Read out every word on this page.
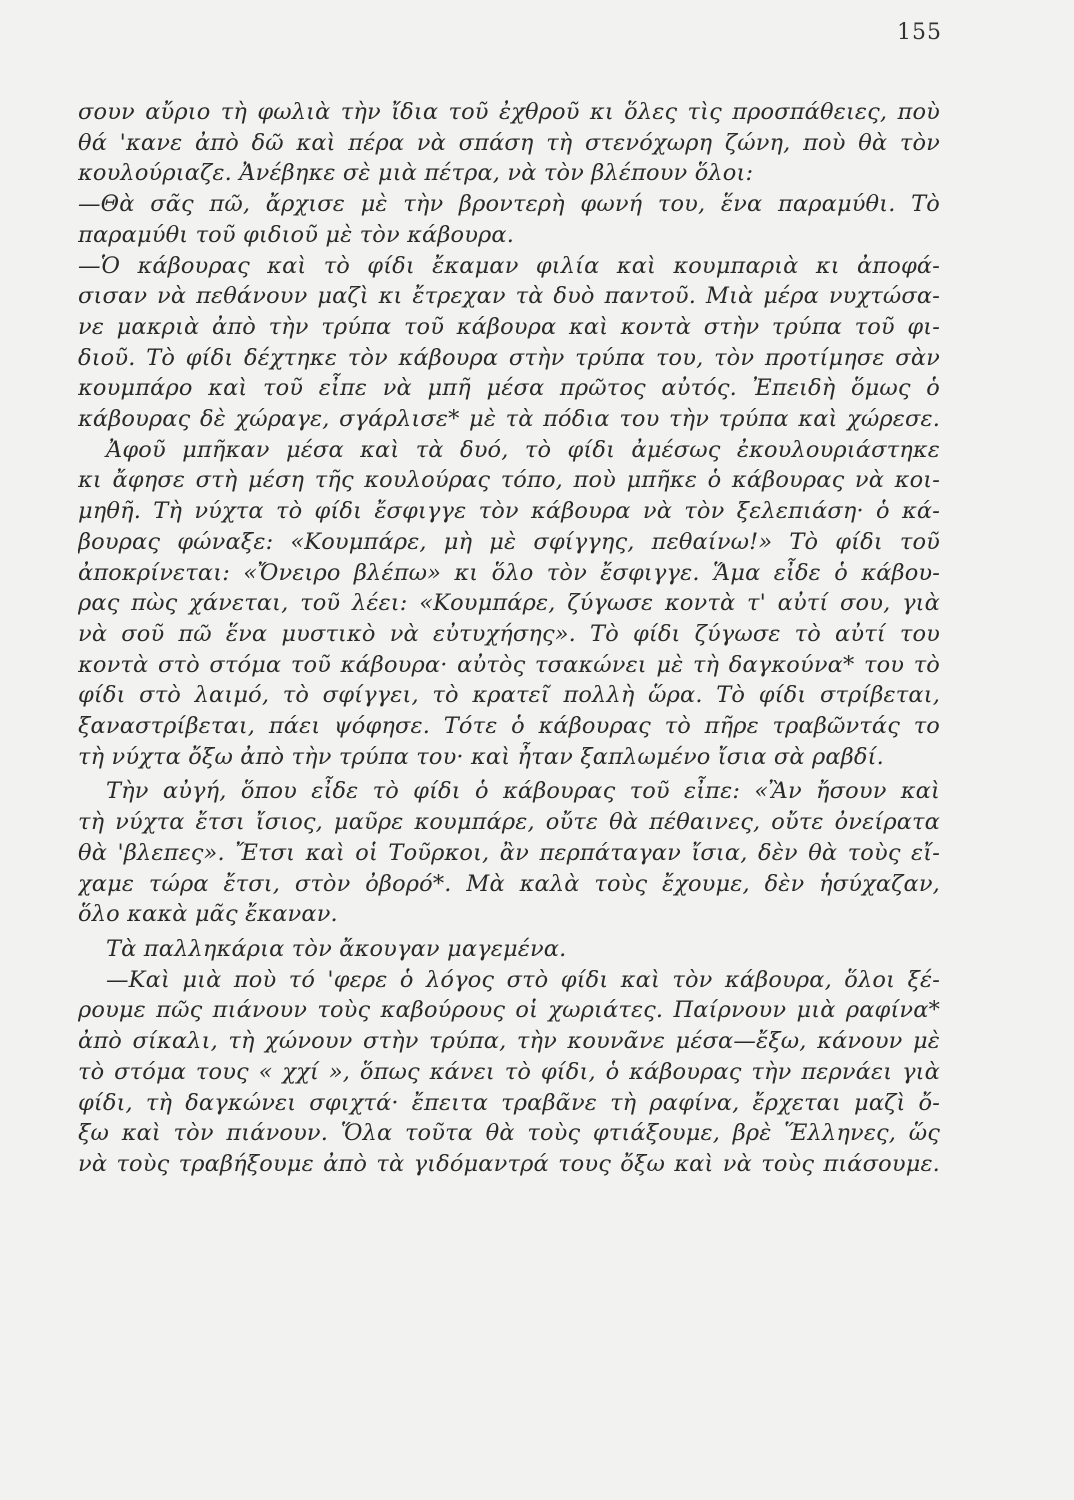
155
σουν αὔριο τὴ φωλιὰ τὴν ἴδια τοῦ ἐχθροῦ κι ὅλες τὶς προσπάθειες, ποὺ
θά 'κανε ἀπὸ δῶ καὶ πέρα νὰ σπάση τὴ στενόχωρη ζώνη, ποὺ θὰ τὸν
κουλούριαζε. Ἀνέβηκε σὲ μιὰ πέτρα, νὰ τὸν βλέπουν ὅλοι:
—Θὰ σᾶς πῶ, ἄρχισε μὲ τὴν βροντερὴ φωνή του, ἕνα παραμύθι. Τὸ
παραμύθι τοῦ φιδιοῦ μὲ τὸν κάβουρα.
—Ὁ κάβουρας καὶ τὸ φίδι ἔκαμαν φιλία καὶ κουμπαριὰ κι ἀποφά-
σισαν νὰ πεθάνουν μαζὶ κι ἔτρεχαν τὰ δυὸ παντοῦ. Μιὰ μέρα νυχτώσα-
νε μακριὰ ἀπὸ τὴν τρύπα τοῦ κάβουρα καὶ κοντὰ στὴν τρύπα τοῦ φι-
διοῦ. Τὸ φίδι δέχτηκε τὸν κάβουρα στὴν τρύπα του, τὸν προτίμησε σὰν
κουμπάρο καὶ τοῦ εἶπε νὰ μπῆ μέσα πρῶτος αὐτός. Ἐπειδὴ ὅμως ὁ
κάβουρας δὲ χώραγε, σγάρλισε* μὲ τὰ πόδια του τὴν τρύπα καὶ χώρεσε.
Ἀφοῦ μπῆκαν μέσα καὶ τὰ δυό, τὸ φίδι ἀμέσως ἐκουλουριάστηκε
κι ἄφησε στὴ μέση τῆς κουλούρας τόπο, ποὺ μπῆκε ὁ κάβουρας νὰ κοι-
μηθῆ. Τὴ νύχτα τὸ φίδι ἔσφιγγε τὸν κάβουρα νὰ τὸν ξελεπιάση· ὁ κά-
βουρας φώναξε: «Κουμπάρε, μὴ μὲ σφίγγης, πεθαίνω!» Τὸ φίδι τοῦ
ἀποκρίνεται: «Ὄνειρο βλέπω» κι ὅλο τὸν ἔσφιγγε. Ἅμα εἶδε ὁ κάβου-
ρας πὼς χάνεται, τοῦ λέει: «Κουμπάρε, ζύγωσε κοντὰ τ' αὐτί σου, γιὰ
νὰ σοῦ πῶ ἕνα μυστικὸ νὰ εὐτυχήσης». Τὸ φίδι ζύγωσε τὸ αὐτί του
κοντὰ στὸ στόμα τοῦ κάβουρα· αὐτὸς τσακώνει μὲ τὴ δαγκούνα* του τὸ
φίδι στὸ λαιμό, τὸ σφίγγει, τὸ κρατεῖ πολλὴ ὥρα. Τὸ φίδι στρίβεται,
ξαναστρίβεται, πάει ψόφησε. Τότε ὁ κάβουρας τὸ πῆρε τραβῶντάς το
τὴ νύχτα ὄξω ἀπὸ τὴν τρύπα του· καὶ ἦταν ξαπλωμένο ἴσια σὰ ραβδί.
Τὴν αὐγή, ὅπου εἶδε τὸ φίδι ὁ κάβουρας τοῦ εἶπε: «Ἂν ἤσουν καὶ
τὴ νύχτα ἔτσι ἴσιος, μαῦρε κουμπάρε, οὔτε θὰ πέθαινες, οὔτε ὀνείρατα
θὰ 'βλεπες». Ἔτσι καὶ οἱ Τοῦρκοι, ἂν περπάταγαν ἴσια, δὲν θὰ τοὺς εἴ-
χαμε τώρα ἔτσι, στὸν ὀβορό*. Μὰ καλὰ τοὺς ἔχουμε, δὲν ἡσύχαζαν,
ὅλο κακὰ μᾶς ἔκαναν.
Τὰ παλληκάρια τὸν ἄκουγαν μαγεμένα.
—Καὶ μιὰ ποὺ τό 'φερε ὁ λόγος στὸ φίδι καὶ τὸν κάβουρα, ὅλοι ξέ-
ρουμε πῶς πιάνουν τοὺς καβούρους οἱ χωριάτες. Παίρνουν μιὰ ραφίνα*
ἀπὸ σίκαλι, τὴ χώνουν στὴν τρύπα, τὴν κουνᾶνε μέσα—ἔξω, κάνουν μὲ
τὸ στόμα τους « χχί », ὅπως κάνει τὸ φίδι, ὁ κάβουρας τὴν περνάει γιὰ
φίδι, τὴ δαγκώνει σφιχτά· ἔπειτα τραβᾶνε τὴ ραφίνα, ἔρχεται μαζὶ ὄ-
ξω καὶ τὸν πιάνουν. Ὅλα τοῦτα θὰ τοὺς φτιάξουμε, βρὲ Ἕλληνες, ὥς
νὰ τοὺς τραβήξουμε ἀπὸ τὰ γιδόμαντρά τους ὄξω καὶ νὰ τοὺς πιάσουμε.
